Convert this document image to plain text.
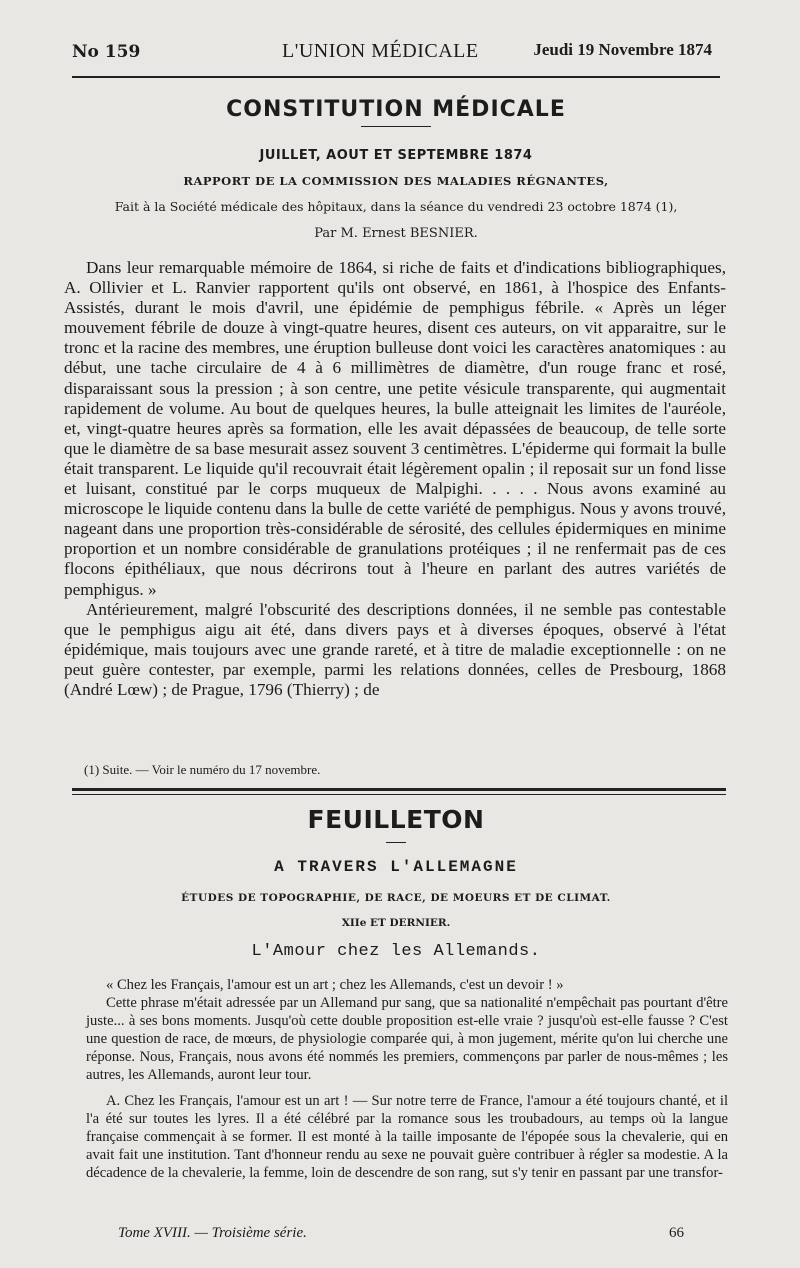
No 159	L'UNION MÉDICALE	Jeudi 19 Novembre 1874
CONSTITUTION MÉDICALE
JUILLET, AOUT ET SEPTEMBRE 1874
RAPPORT DE LA COMMISSION DES MALADIES RÉGNANTES,
Fait à la Société médicale des hôpitaux, dans la séance du vendredi 23 octobre 1874 (1),
Par M. Ernest BESNIER.

Dans leur remarquable mémoire de 1864, si riche de faits et d'indications bibliographiques, A. Ollivier et L. Ranvier rapportent qu'ils ont observé, en 1861, à l'hospice des Enfants-Assistés, durant le mois d'avril, une épidémie de pemphigus fébrile. « Après un léger mouvement fébrile de douze à vingt-quatre heures, disent ces auteurs, on vit apparaitre, sur le tronc et la racine des membres, une éruption bulleuse dont voici les caractères anatomiques : au début, une tache circulaire de 4 à 6 millimètres de diamètre, d'un rouge franc et rosé, disparaissant sous la pression ; à son centre, une petite vésicule transparente, qui augmentait rapidement de volume. Au bout de quelques heures, la bulle atteignait les limites de l'auréole, et, vingt-quatre heures après sa formation, elle les avait dépassées de beaucoup, de telle sorte que le diamètre de sa base mesurait assez souvent 3 centimètres. L'épiderme qui formait la bulle était transparent. Le liquide qu'il recouvrait était légèrement opalin ; il reposait sur un fond lisse et luisant, constitué par le corps muqueux de Malpighi. . . . . Nous avons examiné au microscope le liquide contenu dans la bulle de cette variété de pemphigus. Nous y avons trouvé, nageant dans une proportion très-considérable de sérosité, des cellules épidermiques en minime proportion et un nombre considérable de granulations protéiques ; il ne renfermait pas de ces flocons épithéliaux, que nous décrirons tout à l'heure en parlant des autres variétés de pemphigus. »

Antérieurement, malgré l'obscurité des descriptions données, il ne semble pas contestable que le pemphigus aigu ait été, dans divers pays et à diverses époques, observé à l'état épidémique, mais toujours avec une grande rareté, et à titre de maladie exceptionnelle : on ne peut guère contester, par exemple, parmi les relations données, celles de Presbourg, 1868 (André Lœw) ; de Prague, 1796 (Thierry) ; de

(1) Suite. — Voir le numéro du 17 novembre.
FEUILLETON
A TRAVERS L'ALLEMAGNE
ÉTUDES DE TOPOGRAPHIE, DE RACE, DE MOEURS ET DE CLIMAT.
XIIe ET DERNIER.
L'Amour chez les Allemands.

« Chez les Français, l'amour est un art ; chez les Allemands, c'est un devoir ! »

Cette phrase m'était adressée par un Allemand pur sang, que sa nationalité n'empêchait pas pourtant d'être juste... à ses bons moments. Jusqu'où cette double proposition est-elle vraie ? jusqu'où est-elle fausse ? C'est une question de race, de mœurs, de physiologie comparée qui, à mon jugement, mérite qu'on lui cherche une réponse. Nous, Français, nous avons été nommés les premiers, commençons par parler de nous-mêmes ; les autres, les Allemands, auront leur tour.

A. Chez les Français, l'amour est un art ! — Sur notre terre de France, l'amour a été toujours chanté, et il l'a été sur toutes les lyres. Il a été célébré par la romance sous les troubadours, au temps où la langue française commençait à se former. Il est monté à la taille imposante de l'épopée sous la chevalerie, qui en avait fait une institution. Tant d'honneur rendu au sexe ne pouvait guère contribuer à régler sa modestie. A la décadence de la chevalerie, la femme, loin de descendre de son rang, sut s'y tenir en passant par une transfor-

Tome XVIII. — Troisième série.	66
